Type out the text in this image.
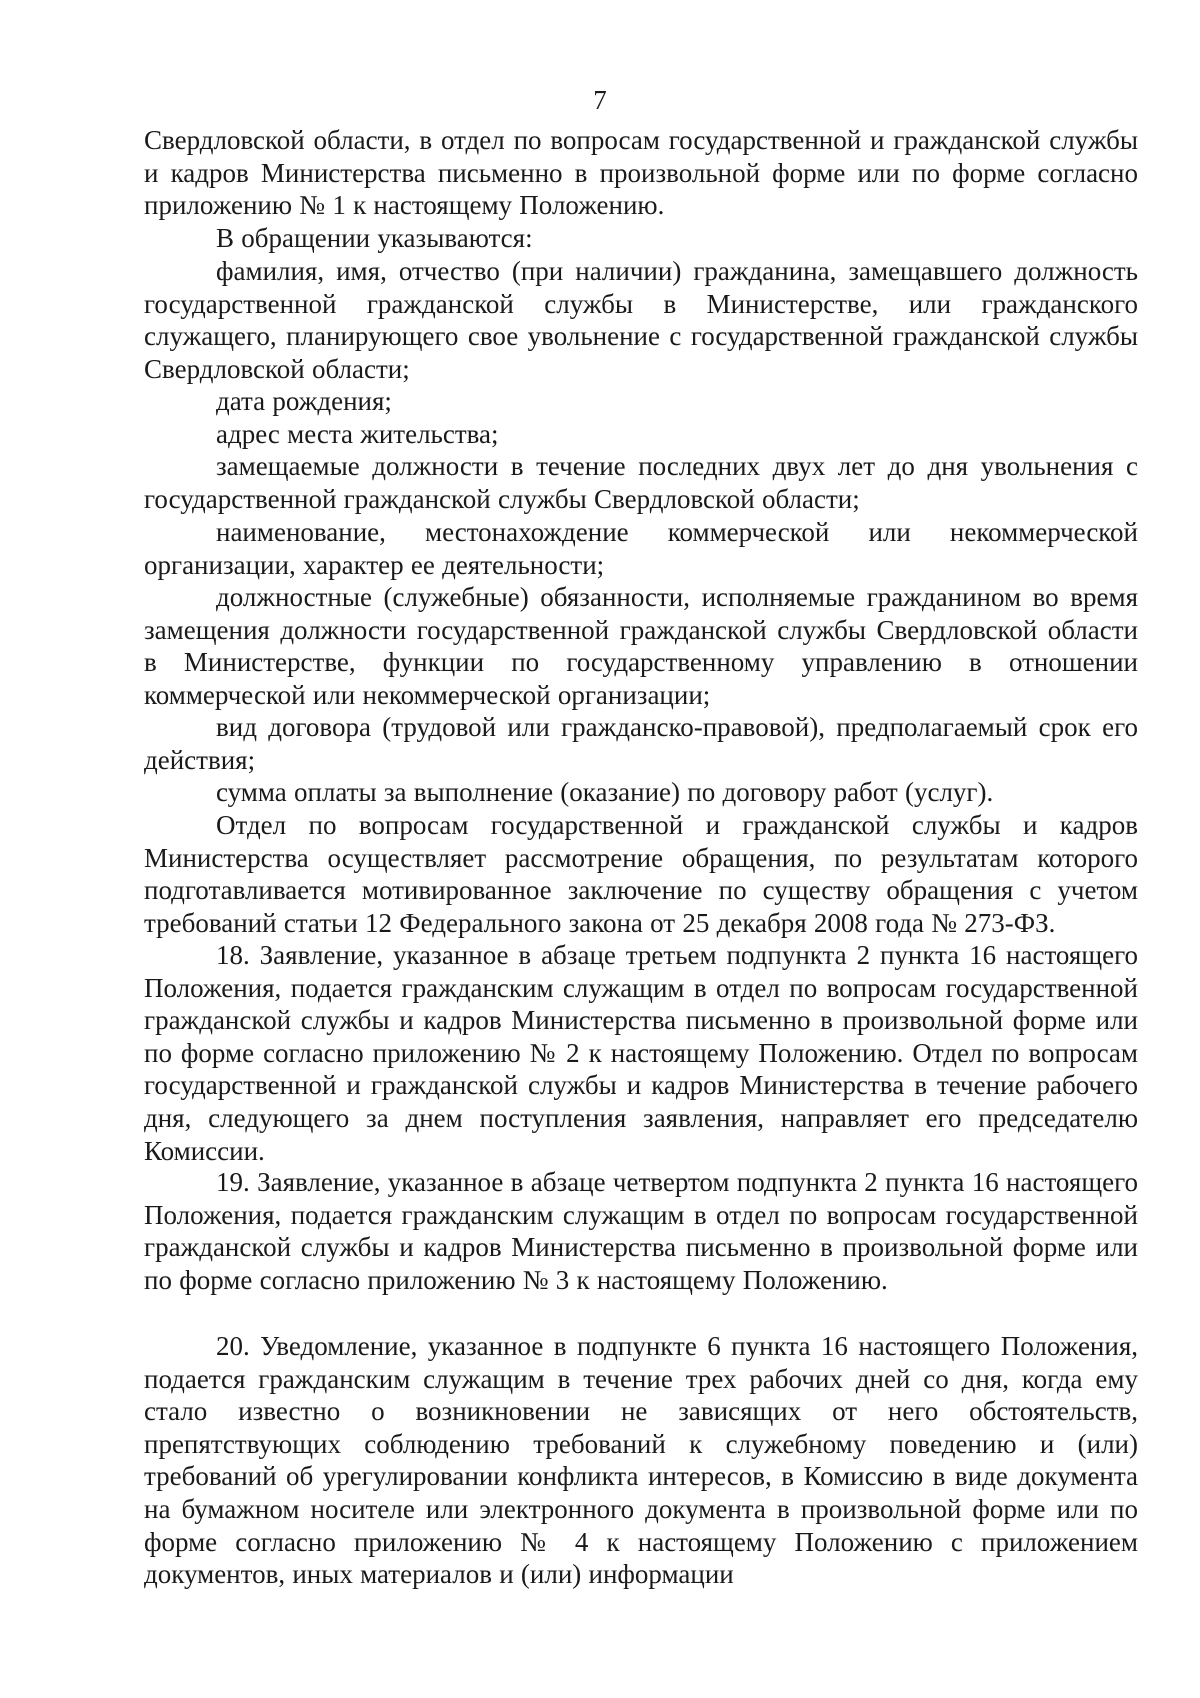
7

Свердловской области, в отдел по вопросам государственной и гражданской службы и кадров Министерства письменно в произвольной форме или по форме согласно приложению № 1 к настоящему Положению.

В обращении указываются:

фамилия, имя, отчество (при наличии) гражданина, замещавшего должность государственной гражданской службы в Министерстве, или гражданского служащего, планирующего свое увольнение с государственной гражданской службы Свердловской области;

дата рождения;

адрес места жительства;

замещаемые должности в течение последних двух лет до дня увольнения с государственной гражданской службы Свердловской области;

наименование, местонахождение коммерческой или некоммерческой организации, характер ее деятельности;

должностные (служебные) обязанности, исполняемые гражданином во время замещения должности государственной гражданской службы Свердловской области в Министерстве, функции по государственному управлению в отношении коммерческой или некоммерческой организации;

вид договора (трудовой или гражданско-правовой), предполагаемый срок его действия;

сумма оплаты за выполнение (оказание) по договору работ (услуг).

Отдел по вопросам государственной и гражданской службы и кадров Министерства осуществляет рассмотрение обращения, по результатам которого подготавливается мотивированное заключение по существу обращения с учетом требований статьи 12 Федерального закона от 25 декабря 2008 года № 273-ФЗ.

18. Заявление, указанное в абзаце третьем подпункта 2 пункта 16 настоящего Положения, подается гражданским служащим в отдел по вопросам государственной гражданской службы и кадров Министерства письменно в произвольной форме или по форме согласно приложению № 2 к настоящему Положению. Отдел по вопросам государственной и гражданской службы и кадров Министерства в течение рабочего дня, следующего за днем поступления заявления, направляет его председателю Комиссии.

19. Заявление, указанное в абзаце четвертом подпункта 2 пункта 16 настоящего Положения, подается гражданским служащим в отдел по вопросам государственной гражданской службы и кадров Министерства письменно в произвольной форме или по форме согласно приложению № 3 к настоящему Положению.

20. Уведомление, указанное в подпункте 6 пункта 16 настоящего Положения, подается гражданским служащим в течение трех рабочих дней со дня, когда ему стало известно о возникновении не зависящих от него обстоятельств, препятствующих соблюдению требований к служебному поведению и (или) требований об урегулировании конфликта интересов, в Комиссию в виде документа на бумажном носителе или электронного документа в произвольной форме или по форме согласно приложению № 4 к настоящему Положению с приложением документов, иных материалов и (или) информации
